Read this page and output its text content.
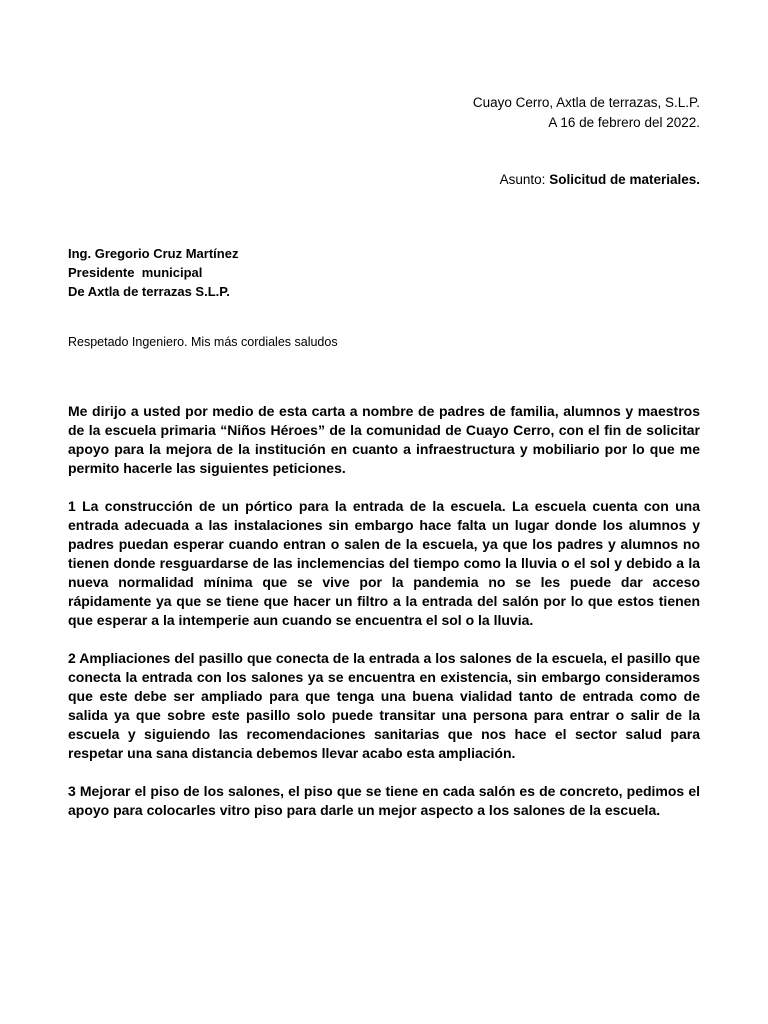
Cuayo Cerro, Axtla de terrazas, S.L.P.
A 16 de febrero del 2022.
Asunto: Solicitud de materiales.
Ing. Gregorio Cruz Martínez
Presidente  municipal
De Axtla de terrazas S.L.P.
Respetado Ingeniero. Mis más cordiales saludos

Me dirijo a usted por medio de esta carta a nombre de padres de familia, alumnos y maestros de la escuela primaria “Niños Héroes” de la comunidad de Cuayo Cerro, con el fin de solicitar apoyo para la mejora de la institución en cuanto a infraestructura y mobiliario por lo que me permito hacerle las siguientes peticiones.

1 La construcción de un pórtico para la entrada de la escuela. La escuela cuenta con una entrada adecuada a las instalaciones sin embargo hace falta un lugar donde los alumnos y padres puedan esperar cuando entran o salen de la escuela, ya que los padres y alumnos no tienen donde resguardarse de las inclemencias del tiempo como la lluvia o el sol y debido a la nueva normalidad mínima que se vive por la pandemia no se les puede dar acceso rápidamente ya que se tiene que hacer un filtro a la entrada del salón por lo que estos tienen que esperar a la intemperie aun cuando se encuentra el sol o la lluvia.

2 Ampliaciones del pasillo que conecta de la entrada a los salones de la escuela, el pasillo que conecta la entrada con los salones ya se encuentra en existencia, sin embargo consideramos que este debe ser ampliado para que tenga una buena vialidad tanto de entrada como de salida ya que sobre este pasillo solo puede transitar una persona para entrar o salir de la escuela y siguiendo las recomendaciones sanitarias que nos hace el sector salud para respetar una sana distancia debemos llevar acabo esta ampliación.

3 Mejorar el piso de los salones, el piso que se tiene en cada salón es de concreto, pedimos el apoyo para colocarles vitro piso para darle un mejor aspecto a los salones de la escuela.
